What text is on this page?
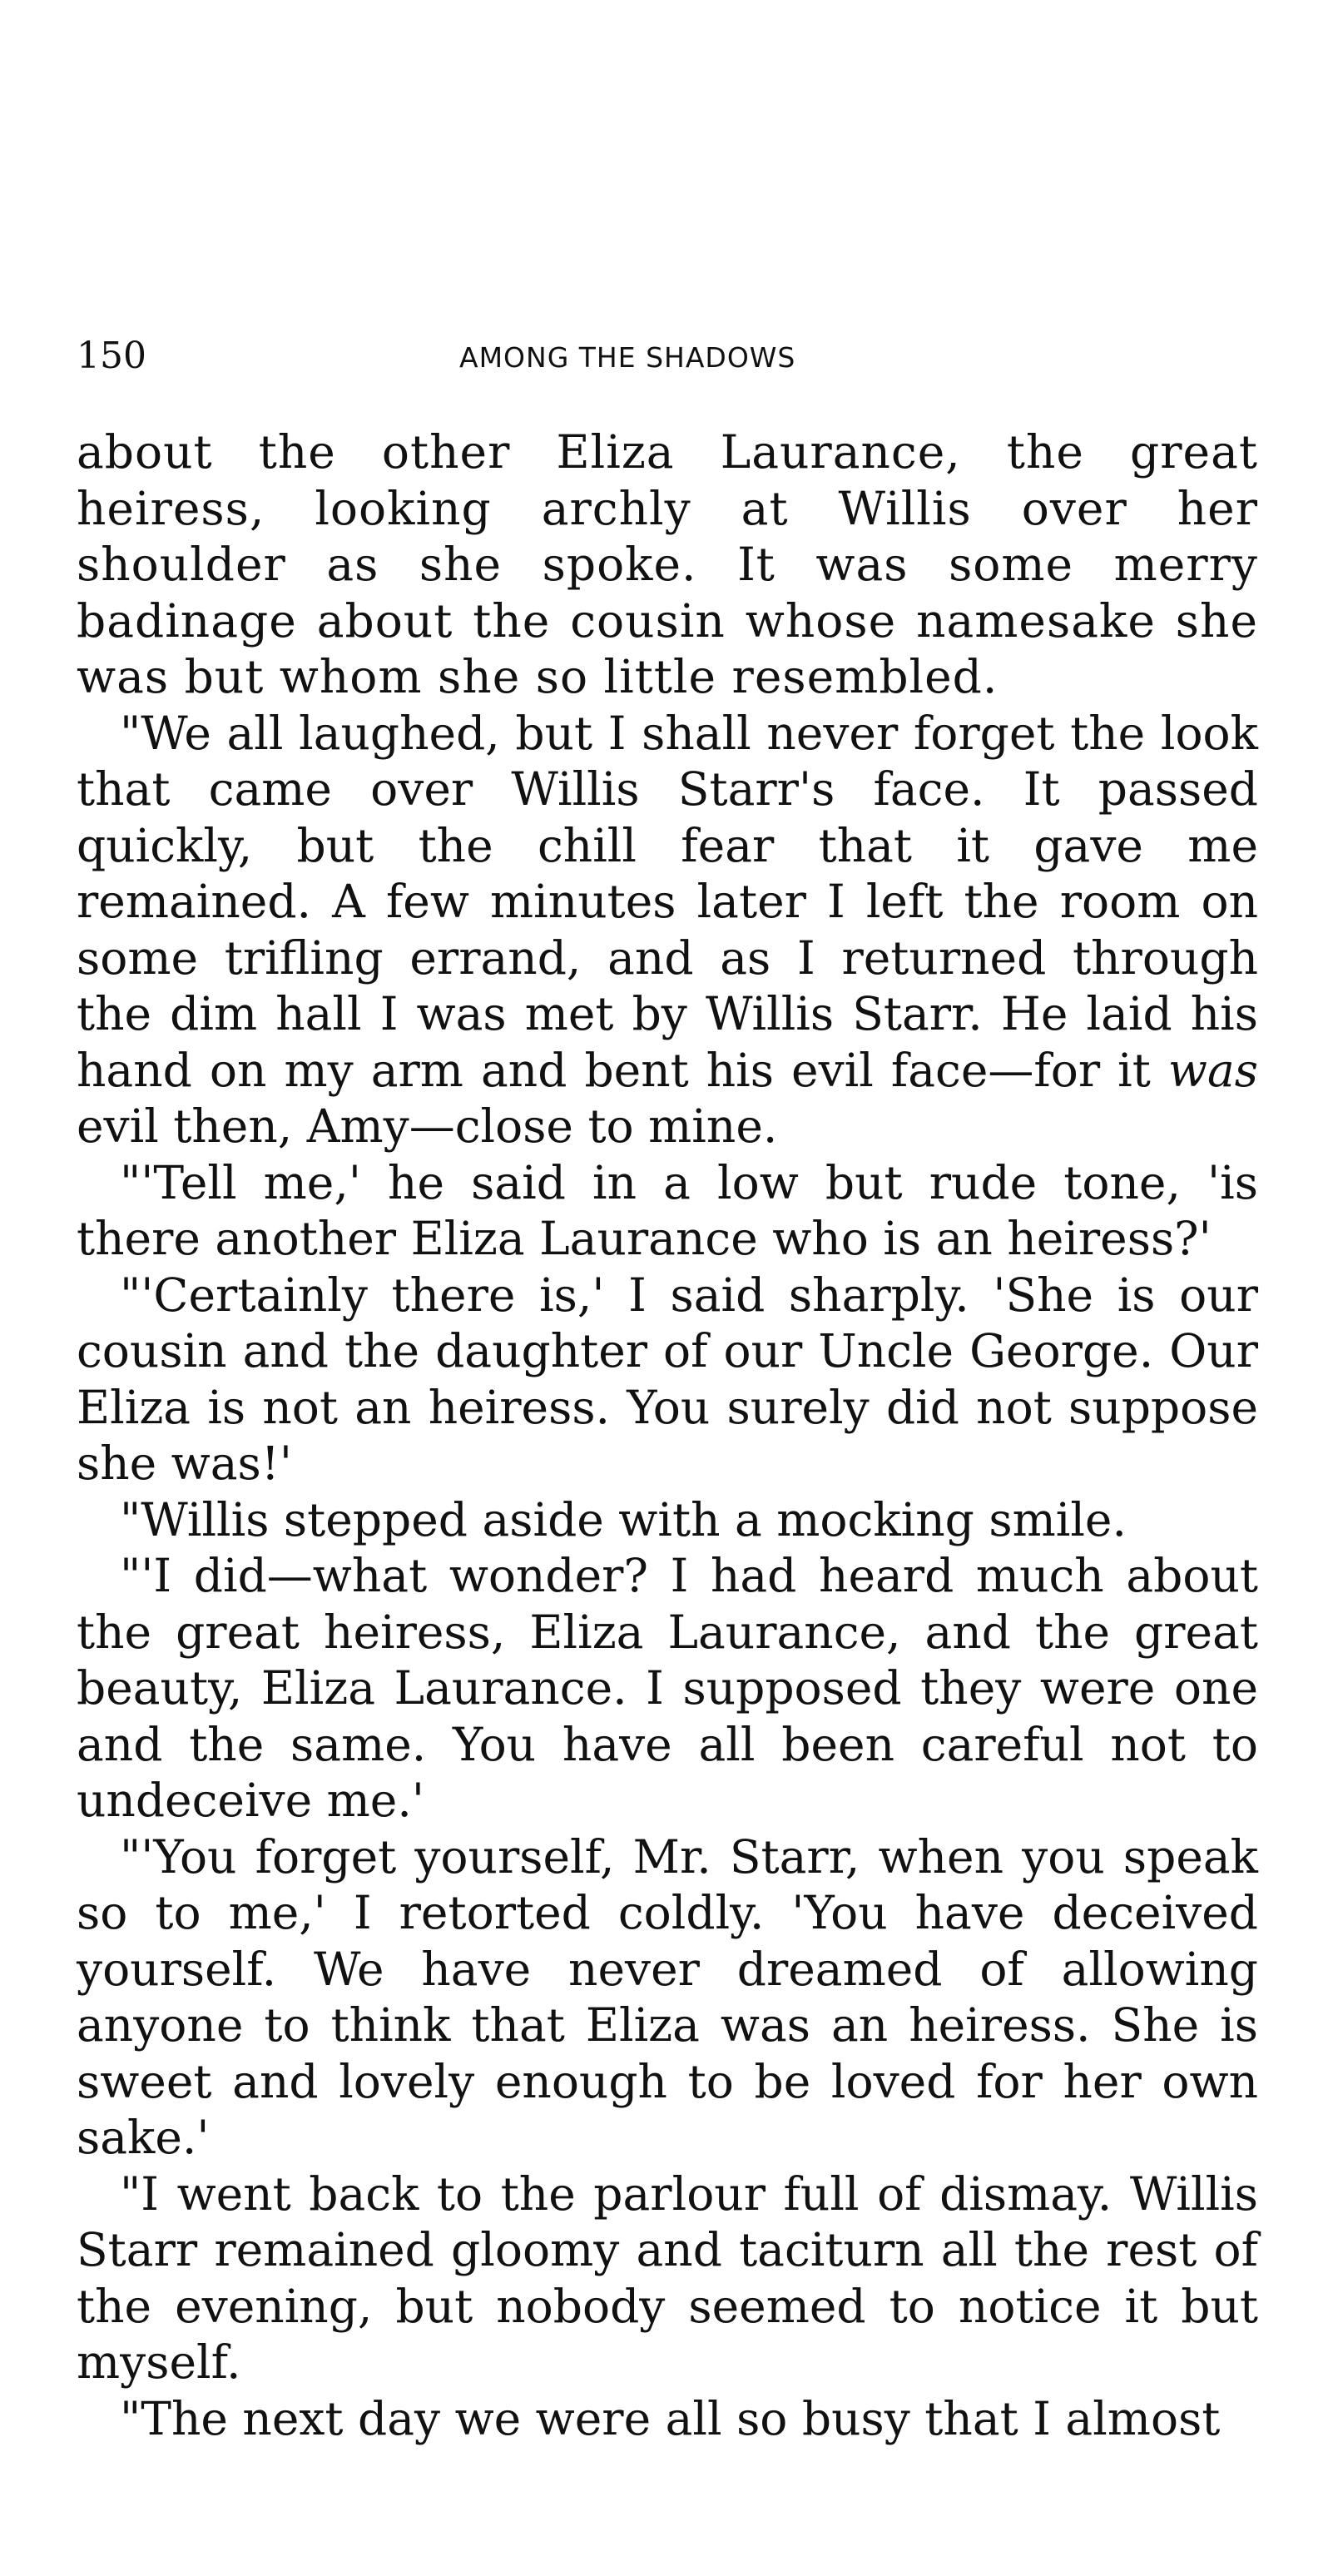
150	AMONG THE SHADOWS

about the other Eliza Laurance, the great heiress, looking archly at Willis over her shoulder as she spoke. It was some merry badinage about the cousin whose namesake she was but whom she so little resembled.

"We all laughed, but I shall never forget the look that came over Willis Starr's face. It passed quickly, but the chill fear that it gave me remained. A few minutes later I left the room on some trifling errand, and as I returned through the dim hall I was met by Willis Starr. He laid his hand on my arm and bent his evil face—for it was evil then, Amy—close to mine.

"'Tell me,' he said in a low but rude tone, 'is there another Eliza Laurance who is an heiress?'

"'Certainly there is,' I said sharply. 'She is our cousin and the daughter of our Uncle George. Our Eliza is not an heiress. You surely did not suppose she was!'

"Willis stepped aside with a mocking smile.

"'I did—what wonder? I had heard much about the great heiress, Eliza Laurance, and the great beauty, Eliza Laurance. I supposed they were one and the same. You have all been careful not to undeceive me.'

"'You forget yourself, Mr. Starr, when you speak so to me,' I retorted coldly. 'You have deceived yourself. We have never dreamed of allowing anyone to think that Eliza was an heiress. She is sweet and lovely enough to be loved for her own sake.'

"I went back to the parlour full of dismay. Willis Starr remained gloomy and taciturn all the rest of the evening, but nobody seemed to notice it but myself.

"The next day we were all so busy that I almost
